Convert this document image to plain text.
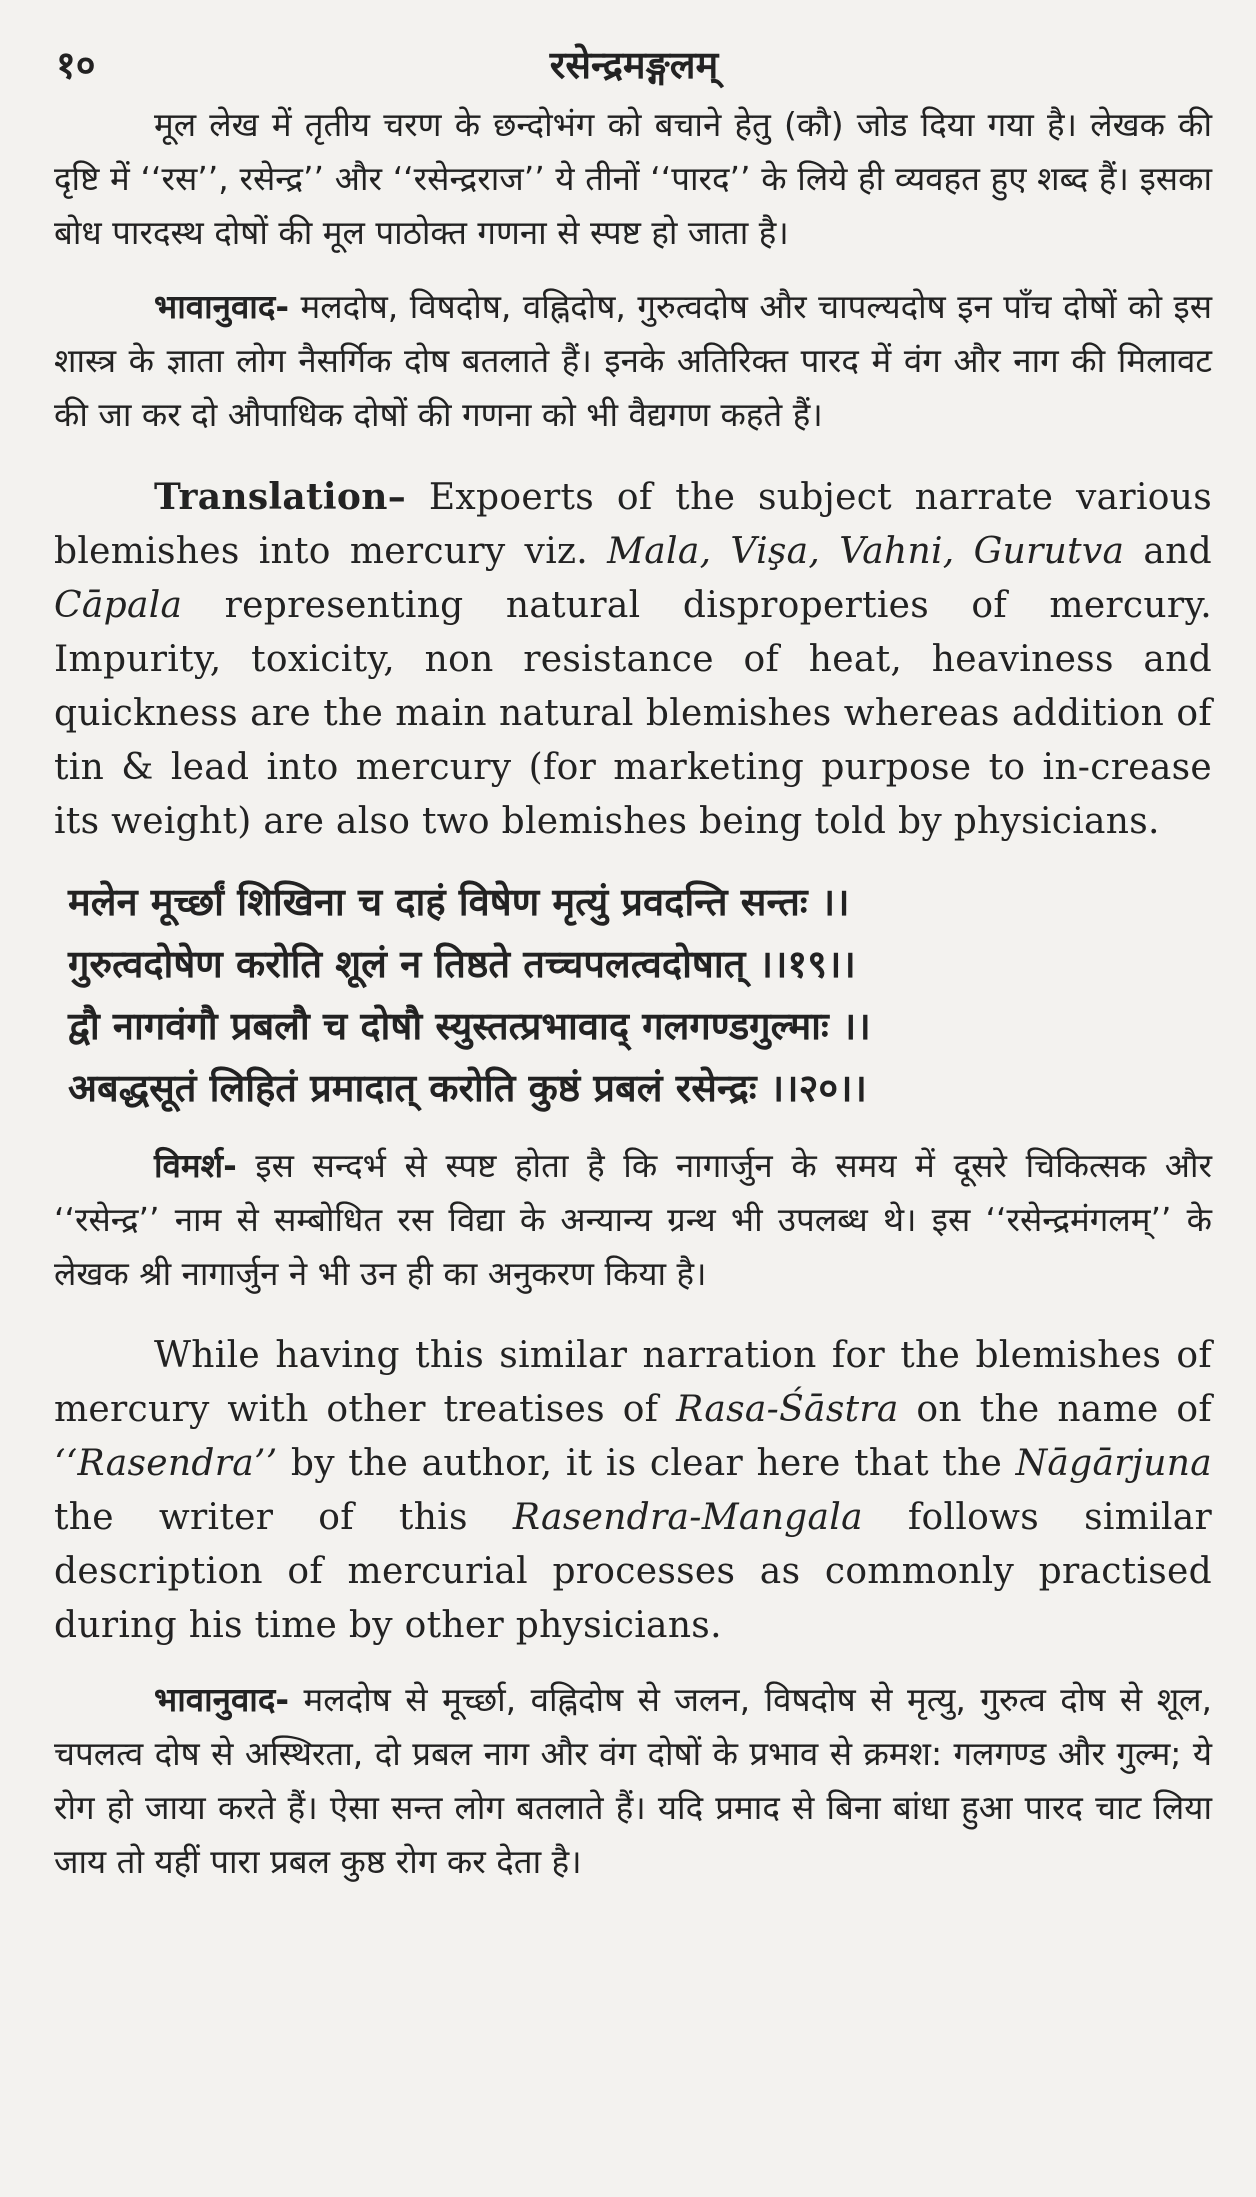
१०	रसेन्द्रमङ्गलम्

मूल लेख में तृतीय चरण के छन्दोभंग को बचाने हेतु (कौ) जोड दिया गया है। लेखक की दृष्टि में ‘‘रस’’, रसेन्द्र’’ और ‘‘रसेन्द्रराज’’ ये तीनों ‘‘पारद’’ के लिये ही व्यवहत हुए शब्द हैं। इसका बोध पारदस्थ दोषों की मूल पाठोक्त गणना से स्पष्ट हो जाता है।

भावानुवाद- मलदोष, विषदोष, वह्निदोष, गुरुत्वदोष और चापल्यदोष इन पाँच दोषों को इस शास्त्र के ज्ञाता लोग नैसर्गिक दोष बतलाते हैं। इनके अतिरिक्त पारद में वंग और नाग की मिलावट की जा कर दो औपाधिक दोषों की गणना को भी वैद्यगण कहते हैं।

Translation– Expoerts of the subject narrate various blemishes into mercury viz. Mala, Vişa, Vahni, Gurutva and Cāpala representing natural disproperties of mercury. Impurity, toxicity, non resistance of heat, heaviness and quickness are the main natural blemishes whereas addition of tin & lead into mercury (for marketing purpose to in-crease its weight) are also two blemishes being told by physicians.

मलेन मूर्च्छां शिखिना च दाहं विषेण मृत्युं प्रवदन्ति सन्तः ।।
गुरुत्वदोषेण करोति शूलं न तिष्ठते तच्चपलत्वदोषात् ।।१९।।
द्वौ नागवंगौ प्रबलौ च दोषौ स्युस्तत्प्रभावाद् गलगण्डगुल्माः ।।
अबद्धसूतं लिहितं प्रमादात् करोति कुष्ठं प्रबलं रसेन्द्रः ।।२०।।

विमर्श- इस सन्दर्भ से स्पष्ट होता है कि नागार्जुन के समय में दूसरे चिकित्सक और ‘‘रसेन्द्र’’ नाम से सम्बोधित रस विद्या के अन्यान्य ग्रन्थ भी उपलब्ध थे। इस ‘‘रसेन्द्रमंगलम्’’ के लेखक श्री नागार्जुन ने भी उन ही का अनुकरण किया है।

While having this similar narration for the blemishes of mercury with other treatises of Rasa-Śāstra on the name of ‘‘Rasendra’’ by the author, it is clear here that the Nāgārjuna the writer of this Rasendra-Mangala follows similar description of mercurial processes as commonly practised during his time by other physicians.

भावानुवाद- मलदोष से मूर्च्छा, वह्निदोष से जलन, विषदोष से मृत्यु, गुरुत्व दोष से शूल, चपलत्व दोष से अस्थिरता, दो प्रबल नाग और वंग दोषों के प्रभाव से क्रमश: गलगण्ड और गुल्म; ये रोग हो जाया करते हैं। ऐसा सन्त लोग बतलाते हैं। यदि प्रमाद से बिना बांधा हुआ पारद चाट लिया जाय तो यहीं पारा प्रबल कुष्ठ रोग कर देता है।
